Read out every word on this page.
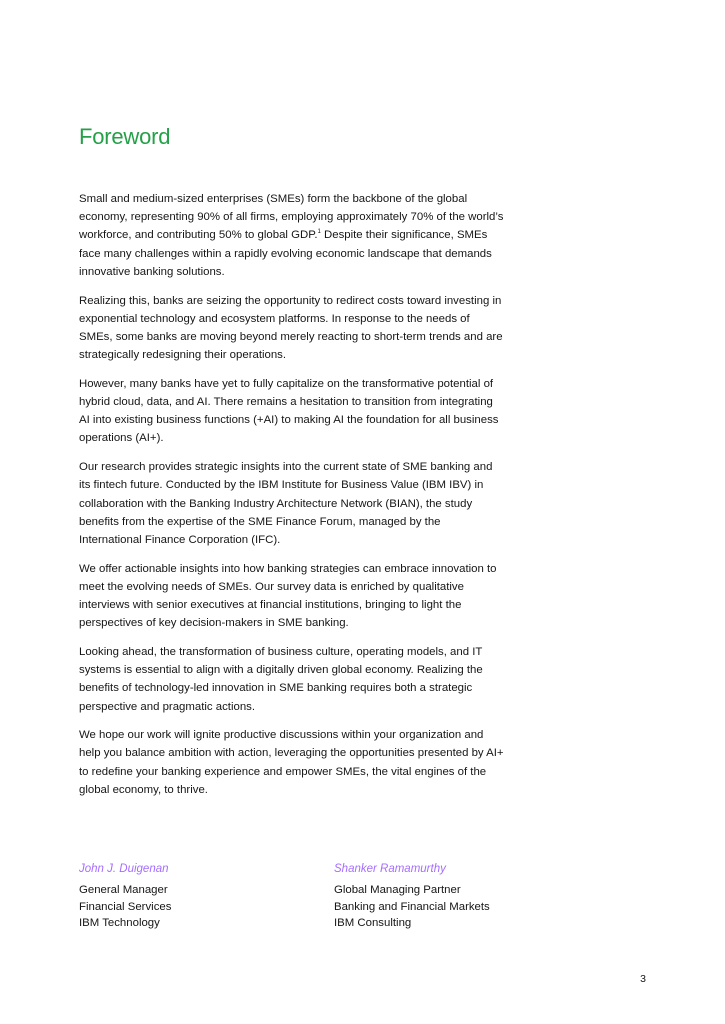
Foreword

Small and medium-sized enterprises (SMEs) form the backbone of the global economy, representing 90% of all firms, employing approximately 70% of the world’s workforce, and contributing 50% to global GDP.$^1$ Despite their significance, SMEs face many challenges within a rapidly evolving economic landscape that demands innovative banking solutions.

Realizing this, banks are seizing the opportunity to redirect costs toward investing in exponential technology and ecosystem platforms. In response to the needs of SMEs, some banks are moving beyond merely reacting to short-term trends and are strategically redesigning their operations.

However, many banks have yet to fully capitalize on the transformative potential of hybrid cloud, data, and AI. There remains a hesitation to transition from integrating AI into existing business functions (+AI) to making AI the foundation for all business operations (AI+).

Our research provides strategic insights into the current state of SME banking and its fintech future. Conducted by the IBM Institute for Business Value (IBM IBV) in collaboration with the Banking Industry Architecture Network (BIAN), the study benefits from the expertise of the SME Finance Forum, managed by the International Finance Corporation (IFC).

We offer actionable insights into how banking strategies can embrace innovation to meet the evolving needs of SMEs. Our survey data is enriched by qualitative interviews with senior executives at financial institutions, bringing to light the perspectives of key decision-makers in SME banking.

Looking ahead, the transformation of business culture, operating models, and IT systems is essential to align with a digitally driven global economy. Realizing the benefits of technology-led innovation in SME banking requires both a strategic perspective and pragmatic actions.

We hope our work will ignite productive discussions within your organization and help you balance ambition with action, leveraging the opportunities presented by AI+ to redefine your banking experience and empower SMEs, the vital engines of the global economy, to thrive.

John J. Duigenan
General Manager
Financial Services
IBM Technology
Shanker Ramamurthy
Global Managing Partner
Banking and Financial Markets
IBM Consulting
3
